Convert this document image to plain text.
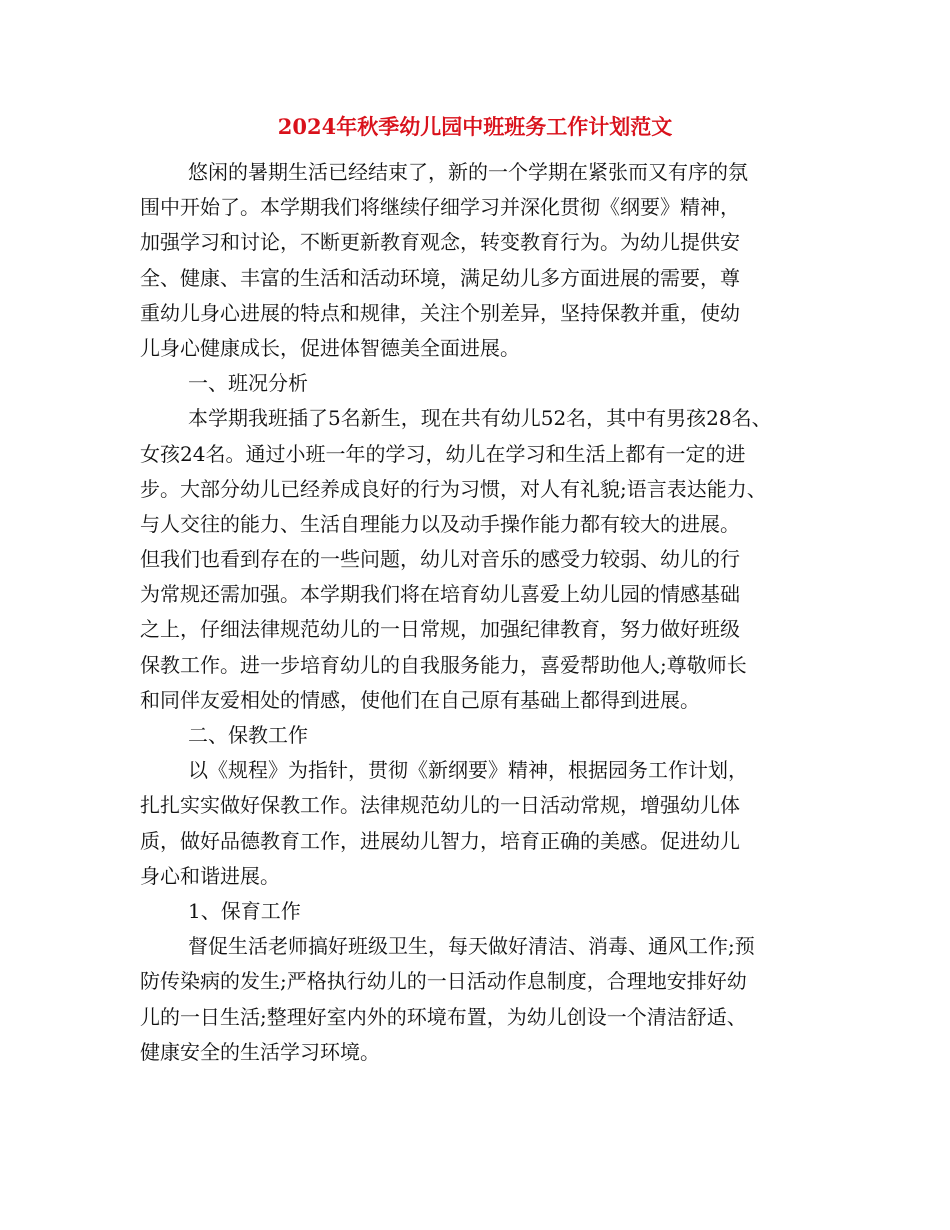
2024年秋季幼儿园中班班务工作计划范文
悠闲的暑期生活已经结束了，新的一个学期在紧张而又有序的氛
围中开始了。本学期我们将继续仔细学习并深化贯彻《纲要》精神，
加强学习和讨论，不断更新教育观念，转变教育行为。为幼儿提供安
全、健康、丰富的生活和活动环境，满足幼儿多方面进展的需要，尊
重幼儿身心进展的特点和规律，关注个别差异，坚持保教并重，使幼
儿身心健康成长，促进体智德美全面进展。
一、班况分析
本学期我班插了5名新生，现在共有幼儿52名，其中有男孩28名、
女孩24名。通过小班一年的学习，幼儿在学习和生活上都有一定的进
步。大部分幼儿已经养成良好的行为习惯，对人有礼貌;语言表达能力、
与人交往的能力、生活自理能力以及动手操作能力都有较大的进展。
但我们也看到存在的一些问题，幼儿对音乐的感受力较弱、幼儿的行
为常规还需加强。本学期我们将在培育幼儿喜爱上幼儿园的情感基础
之上，仔细法律规范幼儿的一日常规，加强纪律教育，努力做好班级
保教工作。进一步培育幼儿的自我服务能力，喜爱帮助他人;尊敬师长
和同伴友爱相处的情感，使他们在自己原有基础上都得到进展。
二、保教工作
以《规程》为指针，贯彻《新纲要》精神，根据园务工作计划，
扎扎实实做好保教工作。法律规范幼儿的一日活动常规，增强幼儿体
质，做好品德教育工作，进展幼儿智力，培育正确的美感。促进幼儿
身心和谐进展。
1、保育工作
督促生活老师搞好班级卫生，每天做好清洁、消毒、通风工作;预
防传染病的发生;严格执行幼儿的一日活动作息制度，合理地安排好幼
儿的一日生活;整理好室内外的环境布置，为幼儿创设一个清洁舒适、
健康安全的生活学习环境。
